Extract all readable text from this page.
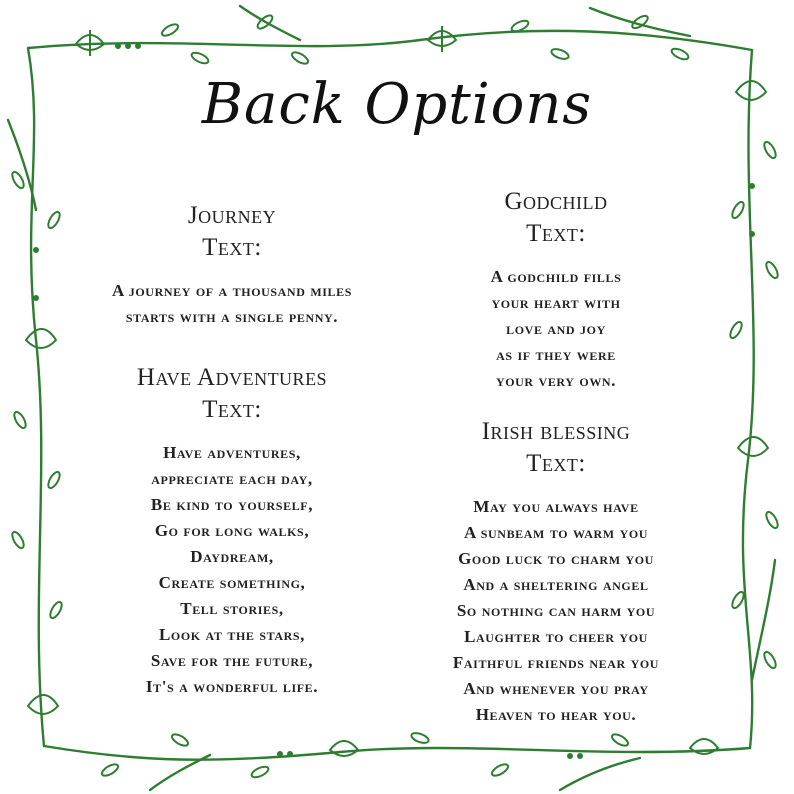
Back Options
Journey
Text:
A journey of a thousand miles
starts with a single penny.
Have Adventures
Text:
Have adventures,
appreciate each day,
Be kind to yourself,
Go for long walks,
Daydream,
Create something,
Tell stories,
Look at the stars,
Save for the future,
It's a wonderful life.
Godchild
Text:
A godchild fills
your heart with
love and joy
as if they were
your very own.
Irish blessing
Text:
May you always have
A sunbeam to warm you
Good luck to charm you
And a sheltering angel
So nothing can harm you
Laughter to cheer you
Faithful friends near you
And whenever you pray
Heaven to hear you.
